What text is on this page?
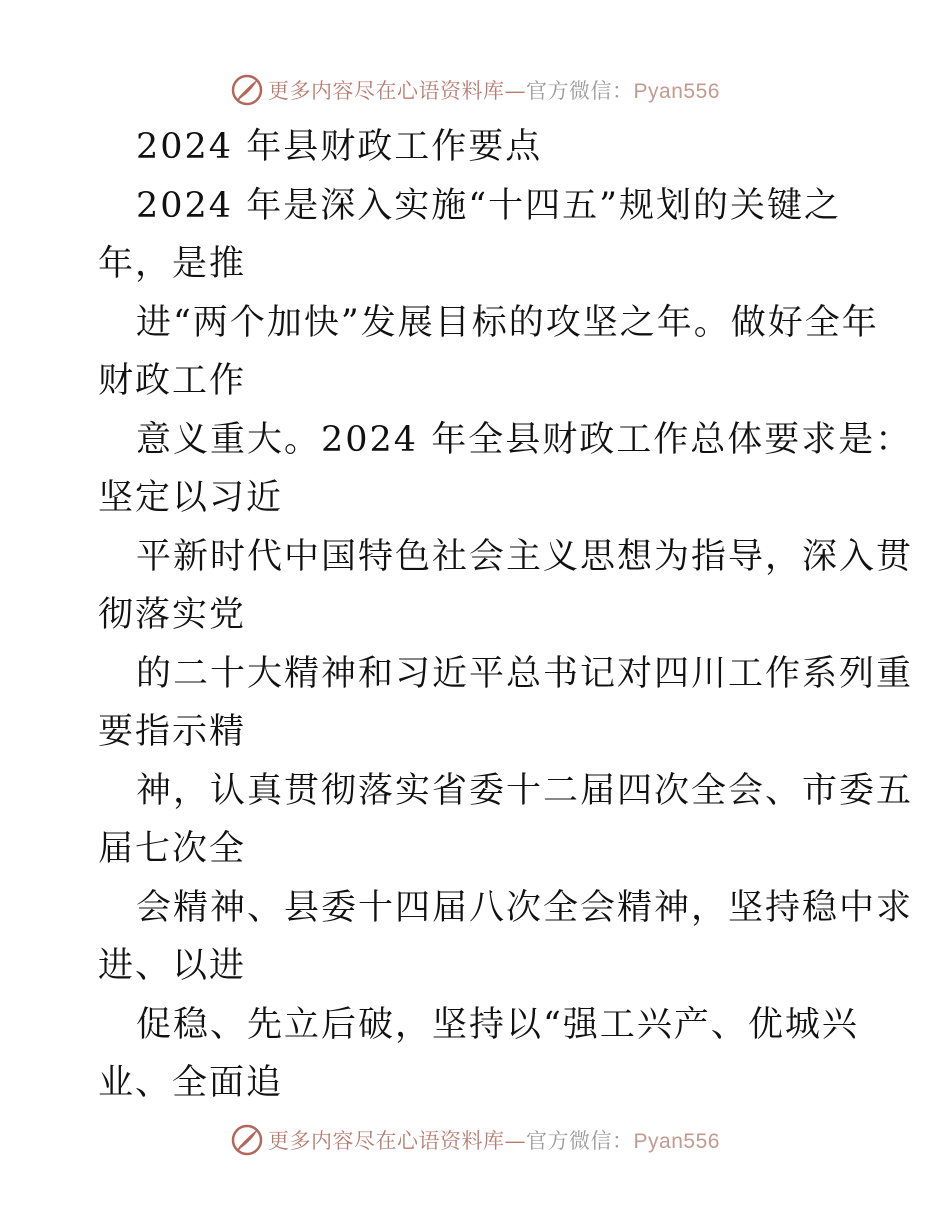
更多内容尽在心语资料库—官方微信：Pyan556
2024 年县财政工作要点
2024 年是深入实施“十四五”规划的关键之
年，是推
进“两个加快”发展目标的攻坚之年。做好全年
财政工作
意义重大。2024 年全县财政工作总体要求是：
坚定以习近
平新时代中国特色社会主义思想为指导，深入贯
彻落实党
的二十大精神和习近平总书记对四川工作系列重
要指示精
神，认真贯彻落实省委十二届四次全会、市委五
届七次全
会精神、县委十四届八次全会精神，坚持稳中求
进、以进
促稳、先立后破，坚持以“强工兴产、优城兴
业、全面追
更多内容尽在心语资料库—官方微信：Pyan556
